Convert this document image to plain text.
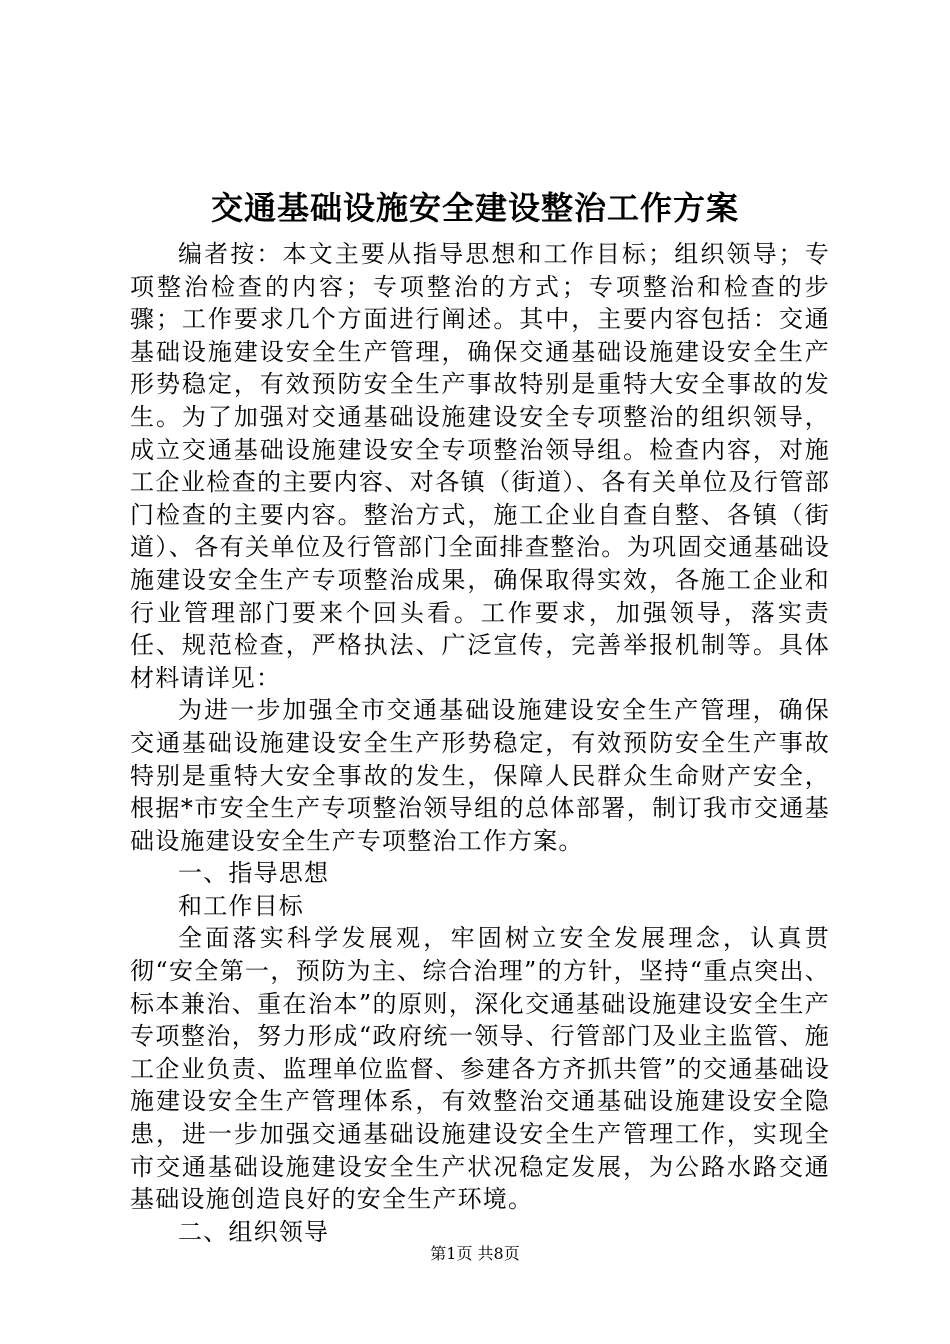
交通基础设施安全建设整治工作方案

编者按：本文主要从指导思想和工作目标；组织领导；专项整治检查的内容；专项整治的方式；专项整治和检查的步骤；工作要求几个方面进行阐述。其中，主要内容包括：交通基础设施建设安全生产管理，确保交通基础设施建设安全生产形势稳定，有效预防安全生产事故特别是重特大安全事故的发生。为了加强对交通基础设施建设安全专项整治的组织领导，成立交通基础设施建设安全专项整治领导组。检查内容，对施工企业检查的主要内容、对各镇（街道）、各有关单位及行管部门检查的主要内容。整治方式，施工企业自查自整、各镇（街道）、各有关单位及行管部门全面排查整治。为巩固交通基础设施建设安全生产专项整治成果，确保取得实效，各施工企业和行业管理部门要来个回头看。工作要求，加强领导，落实责任、规范检查，严格执法、广泛宣传，完善举报机制等。具体材料请详见：

为进一步加强全市交通基础设施建设安全生产管理，确保交通基础设施建设安全生产形势稳定，有效预防安全生产事故特别是重特大安全事故的发生，保障人民群众生命财产安全，根据*市安全生产专项整治领导组的总体部署，制订我市交通基础设施建设安全生产专项整治工作方案。

一、指导思想

和工作目标

全面落实科学发展观，牢固树立安全发展理念，认真贯彻“安全第一，预防为主、综合治理”的方针，坚持“重点突出、标本兼治、重在治本”的原则，深化交通基础设施建设安全生产专项整治，努力形成“政府统一领导、行管部门及业主监管、施工企业负责、监理单位监督、参建各方齐抓共管”的交通基础设施建设安全生产管理体系，有效整治交通基础设施建设安全隐患，进一步加强交通基础设施建设安全生产管理工作，实现全市交通基础设施建设安全生产状况稳定发展，为公路水路交通基础设施创造良好的安全生产环境。

二、组织领导

第1页 共8页
